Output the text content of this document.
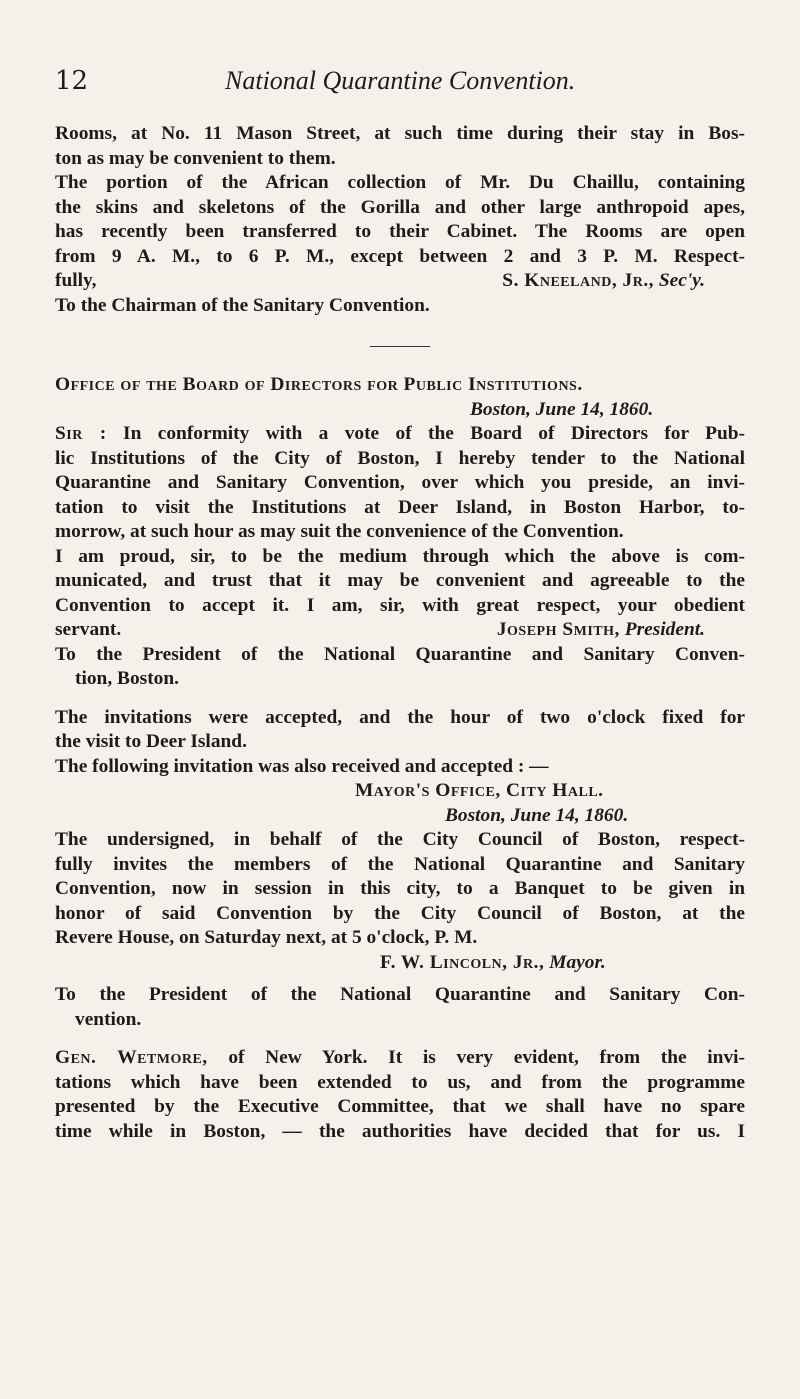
12	National Quarantine Convention.

Rooms, at No. 11 Mason Street, at such time during their stay in Bos-

ton as may be convenient to them.

The portion of the African collection of Mr. Du Chaillu, containing

the skins and skeletons of the Gorilla and other large anthropoid apes,

has recently been transferred to their Cabinet. The Rooms are open

from 9 A. M., to 6 P. M., except between 2 and 3 P. M. Respect-

fully,	S. Kneeland, Jr., Sec'y.

To the Chairman of the Sanitary Convention.

Office of the Board of Directors for Public Institutions.

Boston, June 14, 1860.

Sir : In conformity with a vote of the Board of Directors for Pub-

lic Institutions of the City of Boston, I hereby tender to the National

Quarantine and Sanitary Convention, over which you preside, an invi-

tation to visit the Institutions at Deer Island, in Boston Harbor, to-

morrow, at such hour as may suit the convenience of the Convention.

I am proud, sir, to be the medium through which the above is com-

municated, and trust that it may be convenient and agreeable to the

Convention to accept it. I am, sir, with great respect, your obedient

servant.	Joseph Smith, President.

To the President of the National Quarantine and Sanitary Conven-

tion, Boston.

The invitations were accepted, and the hour of two o'clock fixed for

the visit to Deer Island.

The following invitation was also received and accepted : —

Mayor's Office, City Hall.

Boston, June 14, 1860.

The undersigned, in behalf of the City Council of Boston, respect-

fully invites the members of the National Quarantine and Sanitary

Convention, now in session in this city, to a Banquet to be given in

honor of said Convention by the City Council of Boston, at the

Revere House, on Saturday next, at 5 o'clock, P. M.

F. W. Lincoln, Jr., Mayor.

To the President of the National Quarantine and Sanitary Con-

vention.

Gen. Wetmore, of New York. It is very evident, from the invi-

tations which have been extended to us, and from the programme

presented by the Executive Committee, that we shall have no spare

time while in Boston, — the authorities have decided that for us. I
